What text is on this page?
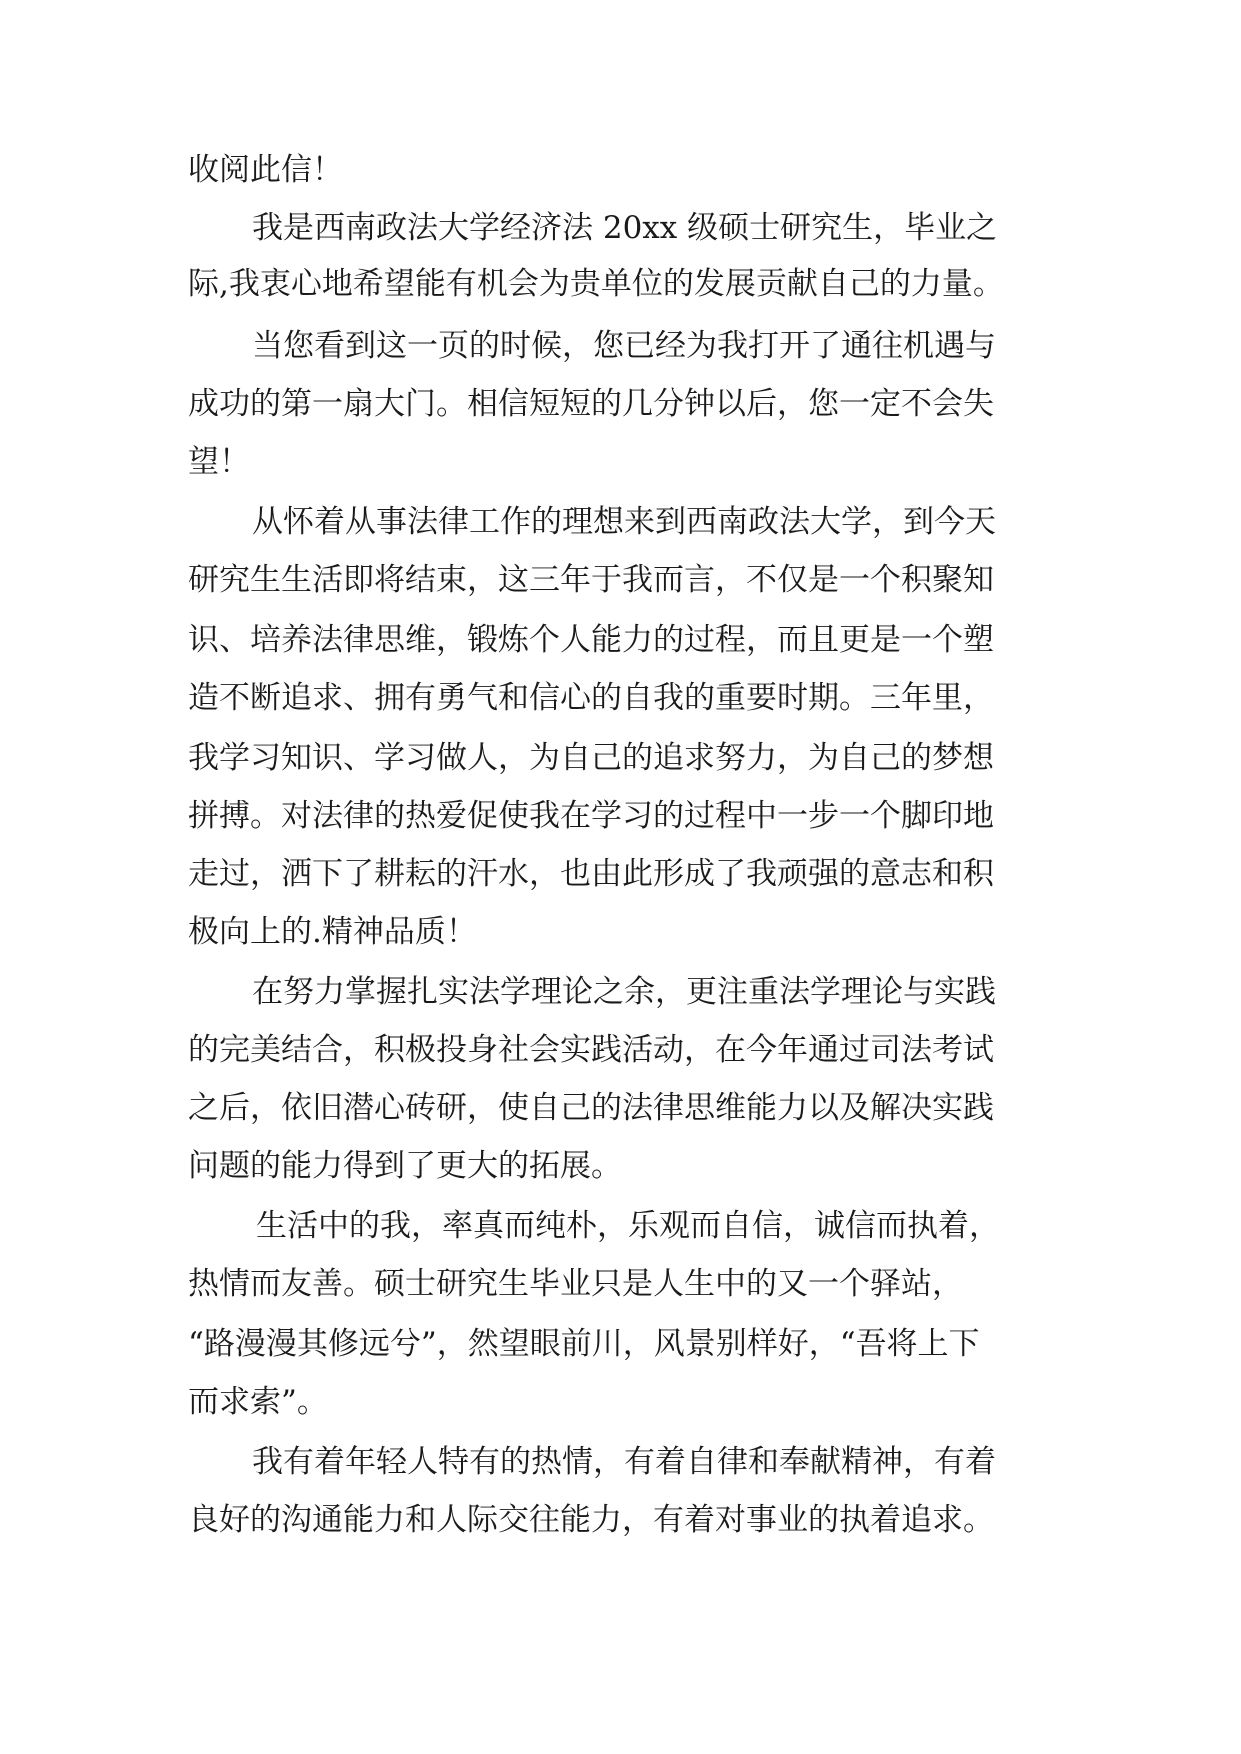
收阅此信！
我是西南政法大学经济法 20xx 级硕士研究生，毕业之
际,我衷心地希望能有机会为贵单位的发展贡献自己的力量。
当您看到这一页的时候，您已经为我打开了通往机遇与
成功的第一扇大门。相信短短的几分钟以后，您一定不会失
望！
从怀着从事法律工作的理想来到西南政法大学，到今天
研究生生活即将结束，这三年于我而言，不仅是一个积聚知
识、培养法律思维，锻炼个人能力的过程，而且更是一个塑
造不断追求、拥有勇气和信心的自我的重要时期。三年里，
我学习知识、学习做人，为自己的追求努力，为自己的梦想
拼搏。对法律的热爱促使我在学习的过程中一步一个脚印地
走过，洒下了耕耘的汗水，也由此形成了我顽强的意志和积
极向上的.精神品质！
在努力掌握扎实法学理论之余，更注重法学理论与实践
的完美结合，积极投身社会实践活动，在今年通过司法考试
之后，依旧潜心砖研，使自己的法律思维能力以及解决实践
问题的能力得到了更大的拓展。
生活中的我，率真而纯朴，乐观而自信，诚信而执着，
热情而友善。硕士研究生毕业只是人生中的又一个驿站，
“路漫漫其修远兮”，然望眼前川，风景别样好，“吾将上下
而求索”。
我有着年轻人特有的热情，有着自律和奉献精神，有着
良好的沟通能力和人际交往能力，有着对事业的执着追求。
